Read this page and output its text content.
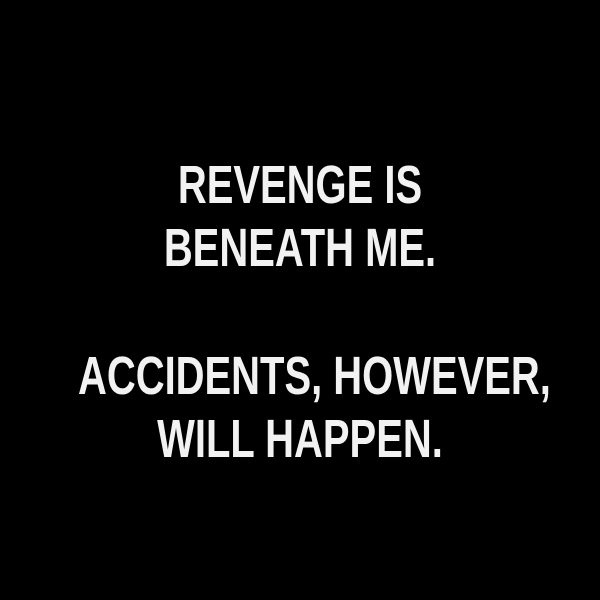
REVENGE IS
BENEATH ME.
ACCIDENTS, HOWEVER,
WILL HAPPEN.
